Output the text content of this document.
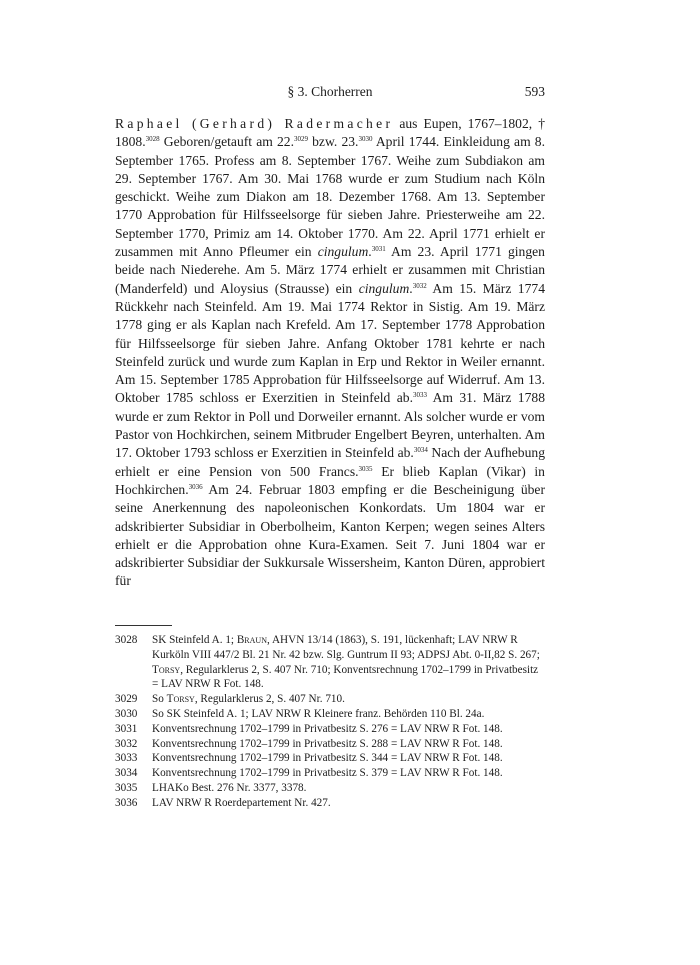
§ 3. Chorherren	593

Raphael (Gerhard) Radermacher aus Eupen, 1767–1802, † 1808.$^{3028}$ Geboren/getauft am 22.$^{3029}$ bzw. 23.$^{3030}$ April 1744. Einkleidung am 8. September 1765. Profess am 8. September 1767. Weihe zum Subdiakon am 29. September 1767. Am 30. Mai 1768 wurde er zum Studium nach Köln geschickt. Weihe zum Diakon am 18. Dezember 1768. Am 13. September 1770 Approbation für Hilfsseelsorge für sieben Jahre. Priesterweihe am 22. September 1770, Primiz am 14. Oktober 1770. Am 22. April 1771 erhielt er zusammen mit Anno Pfleumer ein cingulum.$^{3031}$ Am 23. April 1771 gingen beide nach Niederehe. Am 5. März 1774 erhielt er zusammen mit Christian (Manderfeld) und Aloysius (Strausse) ein cingulum.$^{3032}$ Am 15. März 1774 Rückkehr nach Steinfeld. Am 19. Mai 1774 Rektor in Sistig. Am 19. März 1778 ging er als Kaplan nach Krefeld. Am 17. September 1778 Approbation für Hilfsseelsorge für sieben Jahre. Anfang Oktober 1781 kehrte er nach Steinfeld zurück und wurde zum Kaplan in Erp und Rektor in Weiler ernannt. Am 15. September 1785 Approbation für Hilfsseelsorge auf Widerruf. Am 13. Oktober 1785 schloss er Exerzitien in Steinfeld ab.$^{3033}$ Am 31. März 1788 wurde er zum Rektor in Poll und Dorweiler ernannt. Als solcher wurde er vom Pastor von Hochkirchen, seinem Mitbruder Engelbert Beyren, unterhalten. Am 17. Oktober 1793 schloss er Exerzitien in Steinfeld ab.$^{3034}$ Nach der Aufhebung erhielt er eine Pension von 500 Francs.$^{3035}$ Er blieb Kaplan (Vikar) in Hochkirchen.$^{3036}$ Am 24. Februar 1803 empfing er die Bescheinigung über seine Anerkennung des napoleonischen Konkordats. Um 1804 war er adskribierter Subsidiar in Oberbolheim, Kanton Kerpen; wegen seines Alters erhielt er die Approbation ohne Kura-Examen. Seit 7. Juni 1804 war er adskribierter Subsidiar der Sukkursale Wissersheim, Kanton Düren, approbiert für

3028	SK Steinfeld A. 1; Braun, AHVN 13/14 (1863), S. 191, lückenhaft; LAV NRW R Kurköln VIII 447/2 Bl. 21 Nr. 42 bzw. Slg. Guntrum II 93; ADPSJ Abt. 0-II,82 S. 267; Torsy, Regularklerus 2, S. 407 Nr. 710; Konventsrechnung 1702–1799 in Privatbesitz = LAV NRW R Fot. 148.
3029	So Torsy, Regularklerus 2, S. 407 Nr. 710.
3030	So SK Steinfeld A. 1; LAV NRW R Kleinere franz. Behörden 110 Bl. 24a.
3031	Konventsrechnung 1702–1799 in Privatbesitz S. 276 = LAV NRW R Fot. 148.
3032	Konventsrechnung 1702–1799 in Privatbesitz S. 288 = LAV NRW R Fot. 148.
3033	Konventsrechnung 1702–1799 in Privatbesitz S. 344 = LAV NRW R Fot. 148.
3034	Konventsrechnung 1702–1799 in Privatbesitz S. 379 = LAV NRW R Fot. 148.
3035	LHAKo Best. 276 Nr. 3377, 3378.
3036	LAV NRW R Roerdepartement Nr. 427.
